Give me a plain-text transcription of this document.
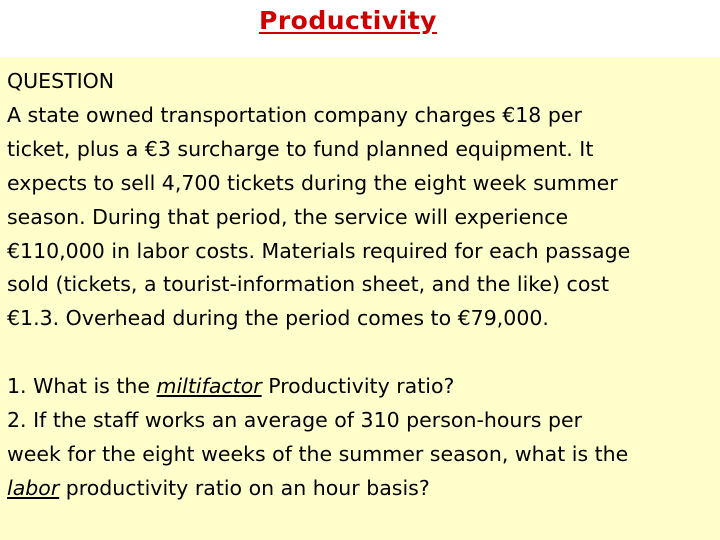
Productivity
QUESTION
A state owned transportation company charges €18 per
ticket, plus a €3 surcharge to fund planned equipment. It
expects to sell 4,700 tickets during the eight week summer
season. During that period, the service will experience
€110,000 in labor costs. Materials required for each passage
sold (tickets, a tourist-information sheet, and the like) cost
€1.3. Overhead during the period comes to €79,000.
1. What is the miltifactor Productivity ratio?
2. If the staff works an average of 310 person-hours per
week for the eight weeks of the summer season, what is the
labor productivity ratio on an hour basis?
